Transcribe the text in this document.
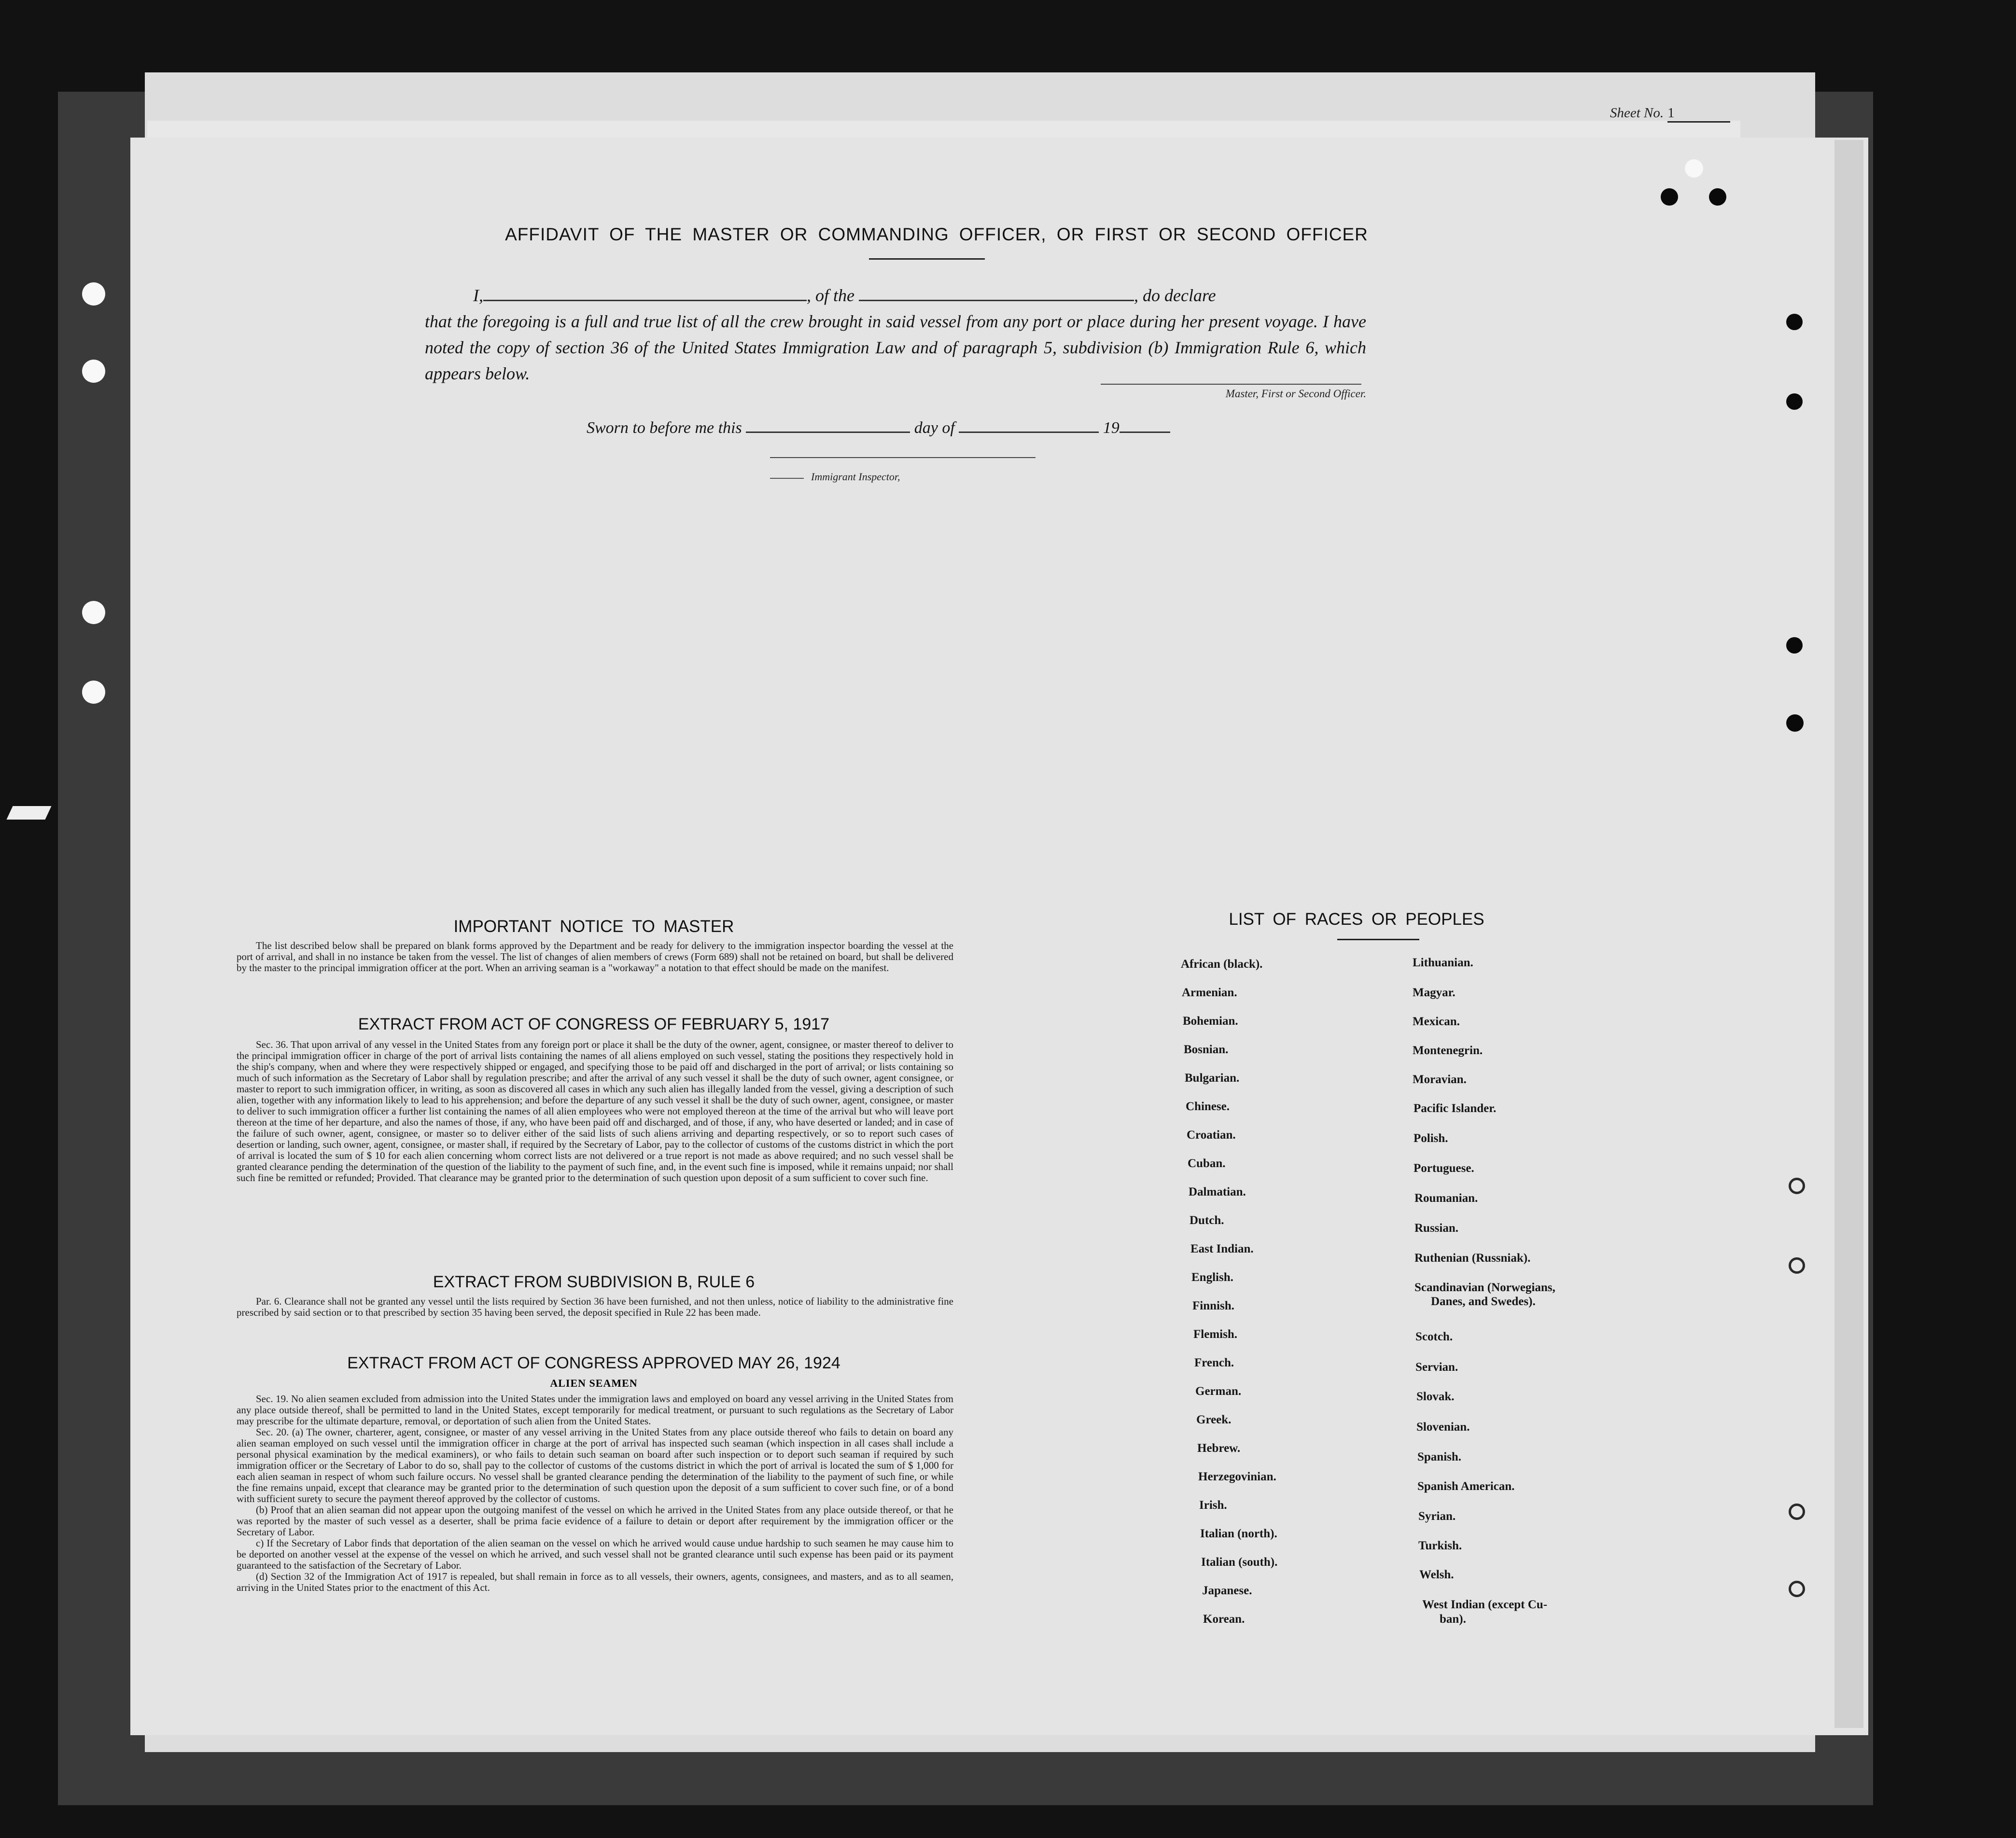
Sheet No. 1
AFFIDAVIT OF THE MASTER OR COMMANDING OFFICER, OR FIRST OR SECOND OFFICER
I,	, of the	, do declare
that the foregoing is a full and true list of all the crew brought in said vessel from any port or place during her present voyage. I have noted the copy of section 36 of the United States Immigration Law and of paragraph 5, subdivision (b) Immigration Rule 6, which appears below.
Master, First or Second Officer.
Sworn to before me this	day of	19
Immigrant Inspector,
IMPORTANT NOTICE TO MASTER
The list described below shall be prepared on blank forms approved by the Department and be ready for delivery to the immigration inspector boarding the vessel at the port of arrival, and shall in no instance be taken from the vessel. The list of changes of alien members of crews (Form 689) shall not be retained on board, but shall be delivered by the master to the principal immigration officer at the port. When an arriving seaman is a "workaway" a notation to that effect should be made on the manifest.
EXTRACT FROM ACT OF CONGRESS OF FEBRUARY 5, 1917
Sec. 36. That upon arrival of any vessel in the United States from any foreign port or place it shall be the duty of the owner, agent, consignee, or master thereof to deliver to the principal immigration officer in charge of the port of arrival lists containing the names of all aliens employed on such vessel, stating the positions they respectively hold in the ship's company, when and where they were respectively shipped or engaged, and specifying those to be paid off and discharged in the port of arrival; or lists containing so much of such information as the Secretary of Labor shall by regulation prescribe; and after the arrival of any such vessel it shall be the duty of such owner, agent consignee, or master to report to such immigration officer, in writing, as soon as discovered all cases in which any such alien has illegally landed from the vessel, giving a description of such alien, together with any information likely to lead to his apprehension; and before the departure of any such vessel it shall be the duty of such owner, agent, consignee, or master to deliver to such immigration officer a further list containing the names of all alien employees who were not employed thereon at the time of the arrival but who will leave port thereon at the time of her departure, and also the names of those, if any, who have been paid off and discharged, and of those, if any, who have deserted or landed; and in case of the failure of such owner, agent, consignee, or master so to deliver either of the said lists of such aliens arriving and departing respectively, or so to report such cases of desertion or landing, such owner, agent, consignee, or master shall, if required by the Secretary of Labor, pay to the collector of customs of the customs district in which the port of arrival is located the sum of $ 10 for each alien concerning whom correct lists are not delivered or a true report is not made as above required; and no such vessel shall be granted clearance pending the determination of the question of the liability to the payment of such fine, and, in the event such fine is imposed, while it remains unpaid; nor shall such fine be remitted or refunded; Provided. That clearance may be granted prior to the determination of such question upon deposit of a sum sufficient to cover such fine.
EXTRACT FROM SUBDIVISION B, RULE 6
Par. 6. Clearance shall not be granted any vessel until the lists required by Section 36 have been furnished, and not then unless, notice of liability to the administrative fine prescribed by said section or to that prescribed by section 35 having been served, the deposit specified in Rule 22 has been made.
EXTRACT FROM ACT OF CONGRESS APPROVED MAY 26, 1924
ALIEN SEAMEN
Sec. 19. No alien seamen excluded from admission into the United States under the immigration laws and employed on board any vessel arriving in the United States from any place outside thereof, shall be permitted to land in the United States, except temporarily for medical treatment, or pursuant to such regulations as the Secretary of Labor may prescribe for the ultimate departure, removal, or deportation of such alien from the United States.
Sec. 20. (a) The owner, charterer, agent, consignee, or master of any vessel arriving in the United States from any place outside thereof who fails to detain on board any alien seaman employed on such vessel until the immigration officer in charge at the port of arrival has inspected such seaman (which inspection in all cases shall include a personal physical examination by the medical examiners), or who fails to detain such seaman on board after such inspection or to deport such seaman if required by such immigration officer or the Secretary of Labor to do so, shall pay to the collector of customs of the customs district in which the port of arrival is located the sum of $ 1,000 for each alien seaman in respect of whom such failure occurs. No vessel shall be granted clearance pending the determination of the liability to the payment of such fine, or while the fine remains unpaid, except that clearance may be granted prior to the determination of such question upon the deposit of a sum sufficient to cover such fine, or of a bond with sufficient surety to secure the payment thereof approved by the collector of customs.
(b) Proof that an alien seaman did not appear upon the outgoing manifest of the vessel on which he arrived in the United States from any place outside thereof, or that he was reported by the master of such vessel as a deserter, shall be prima facie evidence of a failure to detain or deport after requirement by the immigration officer or the Secretary of Labor.
c) If the Secretary of Labor finds that deportation of the alien seaman on the vessel on which he arrived would cause undue hardship to such seamen he may cause him to be deported on another vessel at the expense of the vessel on which he arrived, and such vessel shall not be granted clearance until such expense has been paid or its payment guaranteed to the satisfaction of the Secretary of Labor.
(d) Section 32 of the Immigration Act of 1917 is repealed, but shall remain in force as to all vessels, their owners, agents, consignees, and masters, and as to all seamen, arriving in the United States prior to the enactment of this Act.
LIST OF RACES OR PEOPLES
African (black).
Armenian.
Bohemian.
Bosnian.
Bulgarian.
Chinese.
Croatian.
Cuban.
Dalmatian.
Dutch.
East Indian.
English.
Finnish.
Flemish.
French.
German.
Greek.
Hebrew.
Herzegovinian.
Irish.
Italian (north).
Italian (south).
Japanese.
Korean.
Lithuanian.
Magyar.
Mexican.
Montenegrin.
Moravian.
Pacific Islander.
Polish.
Portuguese.
Roumanian.
Russian.
Ruthenian (Russniak).
Scandinavian (Norwegians,
Danes, and Swedes).
Scotch.
Servian.
Slovak.
Slovenian.
Spanish.
Spanish American.
Syrian.
Turkish.
Welsh.
West Indian (except Cu-
ban).
